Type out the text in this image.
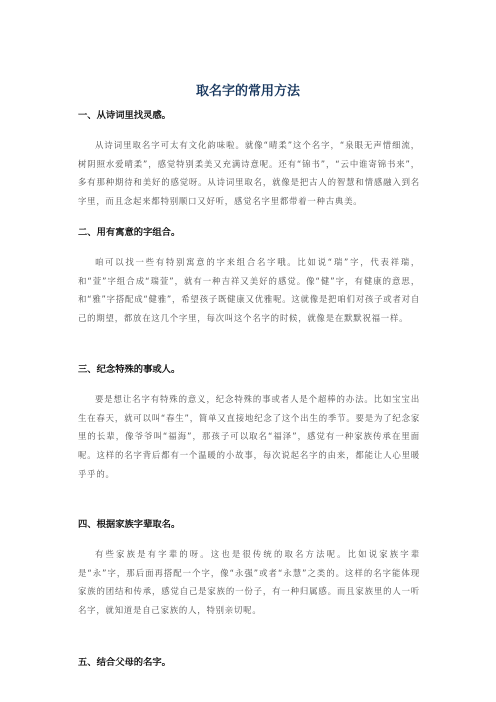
取名字的常用方法
一、从诗词里找灵感。

从诗词里取名字可太有文化韵味啦。就像“晴柔”这个名字，“泉眼无声惜细流，树阴照水爱晴柔”，感觉特别柔美又充满诗意呢。还有“锦书”，“云中谁寄锦书来”，多有那种期待和美好的感觉呀。从诗词里取名，就像是把古人的智慧和情感融入到名字里，而且念起来都特别顺口又好听，感觉名字里都带着一种古典美。

二、用有寓意的字组合。

咱可以找一些有特别寓意的字来组合名字哦。比如说“瑞”字，代表祥瑞，和“萱”字组合成“瑞萱”，就有一种吉祥又美好的感觉。像“健”字，有健康的意思，和“雅”字搭配成“健雅”，希望孩子既健康又优雅呢。这就像是把咱们对孩子或者对自己的期望，都放在这几个字里，每次叫这个名字的时候，就像是在默默祝福一样。

三、纪念特殊的事或人。

要是想让名字有特殊的意义，纪念特殊的事或者人是个超棒的办法。比如宝宝出生在春天，就可以叫“春生”，简单又直接地纪念了这个出生的季节。要是为了纪念家里的长辈，像爷爷叫“福海”，那孩子可以取名“福泽”，感觉有一种家族传承在里面呢。这样的名字背后都有一个温暖的小故事，每次说起名字的由来，都能让人心里暖乎乎的。

四、根据家族字辈取名。

有些家族是有字辈的呀。这也是很传统的取名方法呢。比如说家族字辈是“永”字，那后面再搭配一个字，像“永强”或者“永慧”之类的。这样的名字能体现家族的团结和传承，感觉自己是家族的一份子，有一种归属感。而且家族里的人一听名字，就知道是自己家族的人，特别亲切呢。

五、结合父母的名字。
